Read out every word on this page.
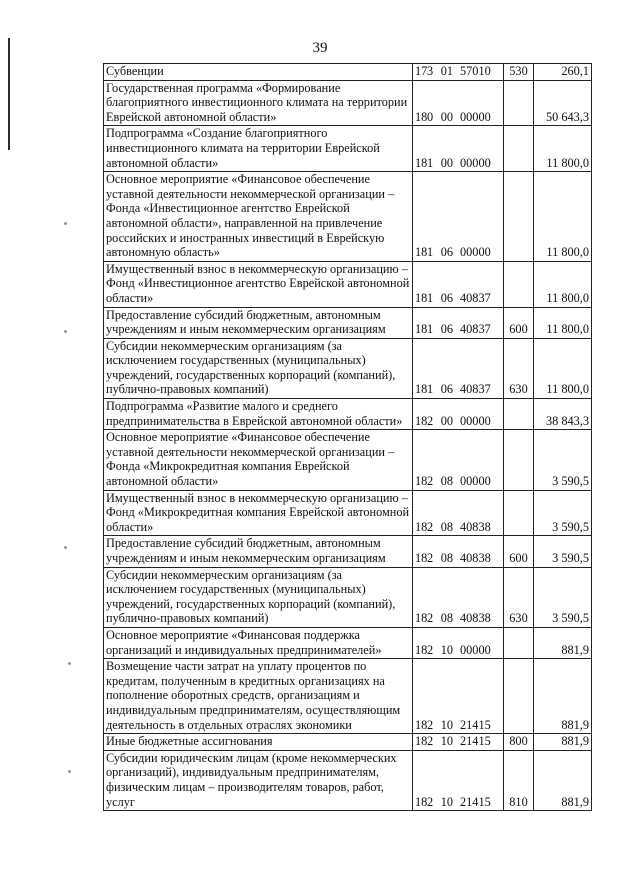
39
Субвенции	173 01 57010	530	260,1
Государственная программа «Формирование благоприятного инвестиционного климата на территории Еврейской автономной области»	180 00 00000		50 643,3
Подпрограмма «Создание благоприятного инвестиционного климата на территории Еврейской автономной области»	181 00 00000		11 800,0
Основное мероприятие «Финансовое обеспечение уставной деятельности некоммерческой организации – Фонда «Инвестиционное агентство Еврейской автономной области», направленной на привлечение российских и иностранных инвестиций в Еврейскую автономную область»	181 06 00000		11 800,0
Имущественный взнос в некоммерческую организацию – Фонд «Инвестиционное агентство Еврейской автономной области»	181 06 40837		11 800,0
Предоставление субсидий бюджетным, автономным учреждениям и иным некоммерческим организациям	181 06 40837	600	11 800,0
Субсидии некоммерческим организациям (за исключением государственных (муниципальных) учреждений, государственных корпораций (компаний), публично-правовых компаний)	181 06 40837	630	11 800,0
Подпрограмма «Развитие малого и среднего предпринимательства в Еврейской автономной области»	182 00 00000		38 843,3
Основное мероприятие «Финансовое обеспечение уставной деятельности некоммерческой организации – Фонда «Микрокредитная компания Еврейской автономной области»	182 08 00000		3 590,5
Имущественный взнос в некоммерческую организацию – Фонд «Микрокредитная компания Еврейской автономной области»	182 08 40838		3 590,5
Предоставление субсидий бюджетным, автономным учреждениям и иным некоммерческим организациям	182 08 40838	600	3 590,5
Субсидии некоммерческим организациям (за исключением государственных (муниципальных) учреждений, государственных корпораций (компаний), публично-правовых компаний)	182 08 40838	630	3 590,5
Основное мероприятие «Финансовая поддержка организаций и индивидуальных предпринимателей»	182 10 00000		881,9
Возмещение части затрат на уплату процентов по кредитам, полученным в кредитных организациях на пополнение оборотных средств, организациям и индивидуальным предпринимателям, осуществляющим деятельность в отдельных отраслях экономики	182 10 21415		881,9
Иные бюджетные ассигнования	182 10 21415	800	881,9
Субсидии юридическим лицам (кроме некоммерческих организаций), индивидуальным предпринимателям, физическим лицам – производителям товаров, работ, услуг	182 10 21415	810	881,9
